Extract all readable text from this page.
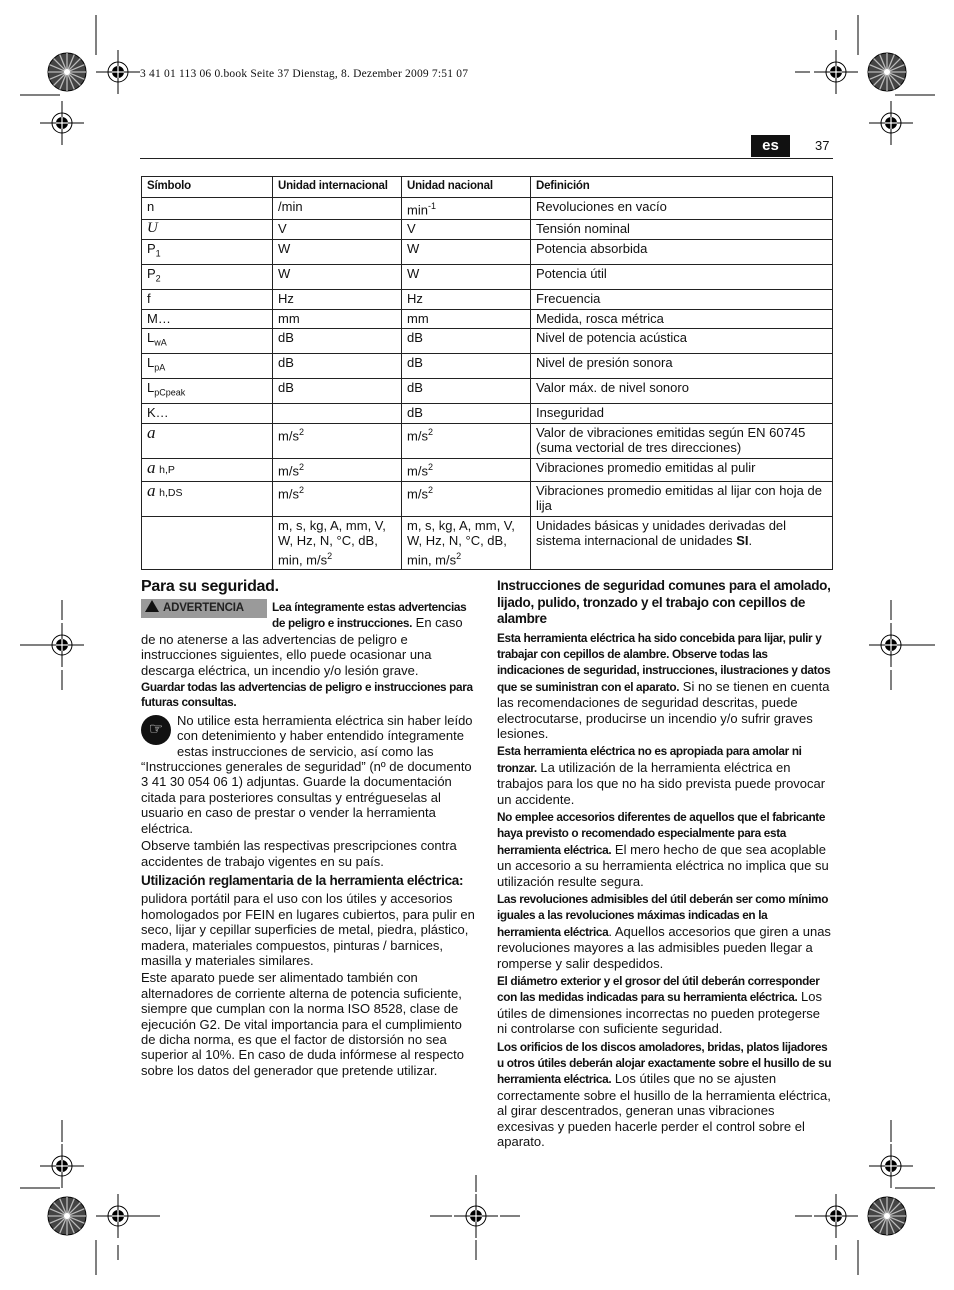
3 41 01 113 06 0.book Seite 37 Dienstag, 8. Dezember 2009 7:51 07
es	37
Símbolo	Unidad internacional	Unidad nacional	Definición
n	/min	$\min^{-1}$	Revoluciones en vacío
U	V	V	Tensión nominal
$P_1$	W	W	Potencia absorbida
$P_2$	W	W	Potencia útil
f	Hz	Hz	Frecuencia
M…	mm	mm	Medida, rosca métrica
$L_{wA}$	dB	dB	Nivel de potencia acústica
$L_{pA}$	dB	dB	Nivel de presión sonora
$L_{pCpeak}$	dB	dB	Valor máx. de nivel sonoro
K…		dB	Inseguridad
a	$m/s^2$	$m/s^2$	Valor de vibraciones emitidas según EN 60745 (suma vectorial de tres direcciones)
a h,P	$m/s^2$	$m/s^2$	Vibraciones promedio emitidas al pulir
a h,DS	$m/s^2$	$m/s^2$	Vibraciones promedio emitidas al lijar con hoja de lija
	m, s, kg, A, mm, V, W, Hz, N, °C, dB, min, $m/s^2$	m, s, kg, A, mm, V, W, Hz, N, °C, dB, min, $m/s^2$	Unidades básicas y unidades derivadas del sistema internacional de unidades SI.
Para su seguridad.
ADVERTENCIA	Lea íntegramente estas advertencias de peligro e instrucciones. En caso de no atenerse a las advertencias de peligro e instrucciones siguientes, ello puede ocasionar una descarga eléctrica, un incendio y/o lesión grave.

Guardar todas las advertencias de peligro e instrucciones para futuras consultas.

☞
No utilice esta herramienta eléctrica sin haber leído con detenimiento y haber entendido íntegramente estas instrucciones de servicio, así como las “Instrucciones generales de seguridad” (nº de documento 3 41 30 054 06 1) adjuntas. Guarde la documentación citada para posteriores consultas y entrégueselas al usuario en caso de prestar o vender la herramienta eléctrica.

Observe también las respectivas prescripciones contra accidentes de trabajo vigentes en su país.

Utilización reglamentaria de la herramienta eléctrica:

pulidora portátil para el uso con los útiles y accesorios homologados por FEIN en lugares cubiertos, para pulir en seco, lijar y cepillar superficies de metal, piedra, plástico, madera, materiales compuestos, pinturas / barnices, masilla y materiales similares.

Este aparato puede ser alimentado también con alternadores de corriente alterna de potencia suficiente, siempre que cumplan con la norma ISO 8528, clase de ejecución G2. De vital importancia para el cumplimiento de dicha norma, es que el factor de distorsión no sea superior al 10%. En caso de duda infórmese al respecto sobre los datos del generador que pretende utilizar.

Instrucciones de seguridad comunes para el amolado, lijado, pulido, tronzado y el trabajo con cepillos de alambre

Esta herramienta eléctrica ha sido concebida para lijar, pulir y trabajar con cepillos de alambre. Observe todas las indicaciones de seguridad, instrucciones, ilustraciones y datos que se suministran con el aparato. Si no se tienen en cuenta las recomendaciones de seguridad descritas, puede electrocutarse, producirse un incendio y/o sufrir graves lesiones.

Esta herramienta eléctrica no es apropiada para amolar ni tronzar. La utilización de la herramienta eléctrica en trabajos para los que no ha sido prevista puede provocar un accidente.

No emplee accesorios diferentes de aquellos que el fabricante haya previsto o recomendado especialmente para esta herramienta eléctrica. El mero hecho de que sea acoplable un accesorio a su herramienta eléctrica no implica que su utilización resulte segura.

Las revoluciones admisibles del útil deberán ser como mínimo iguales a las revoluciones máximas indicadas en la herramienta eléctrica. Aquellos accesorios que giren a unas revoluciones mayores a las admisibles pueden llegar a romperse y salir despedidos.

El diámetro exterior y el grosor del útil deberán corresponder con las medidas indicadas para su herramienta eléctrica. Los útiles de dimensiones incorrectas no pueden protegerse ni controlarse con suficiente seguridad.

Los orificios de los discos amoladores, bridas, platos lijadores u otros útiles deberán alojar exactamente sobre el husillo de su herramienta eléctrica. Los útiles que no se ajusten correctamente sobre el husillo de la herramienta eléctrica, al girar descentrados, generan unas vibraciones excesivas y pueden hacerle perder el control sobre el aparato.
